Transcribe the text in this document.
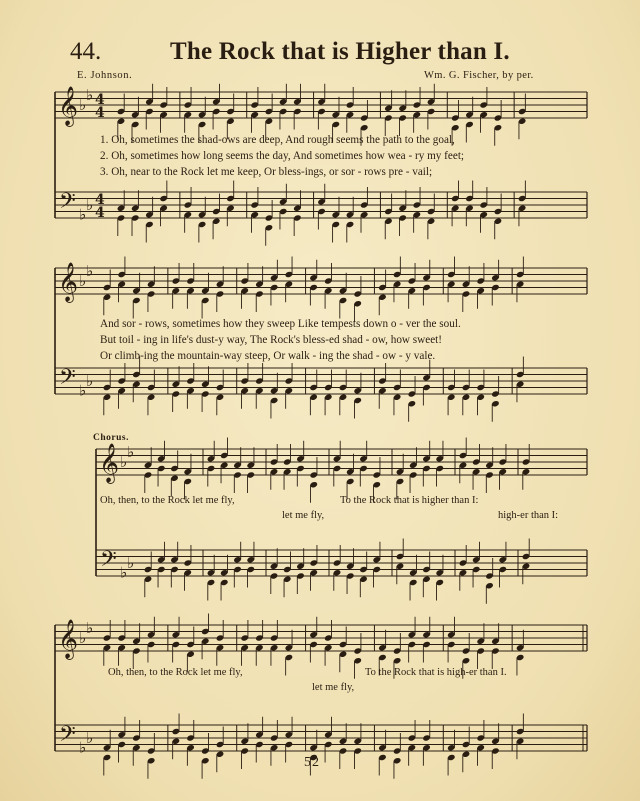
44.	The Rock that is Higher than I.
E. Johnson.	Wm. G. Fischer, by per.
𝄞
𝄢
♭
♭
♭
♭
4
4
4
4
𝄞
𝄢
♭
♭
♭
♭
𝄞
𝄢
♭
♭
♭
♭
𝄞
𝄢
♭
♭
♭
♭
1. Oh, sometimes the shad-ows are deep, And rough seems the path to the goal,
2. Oh, sometimes how long seems the day, And sometimes how wea - ry my feet;
3. Oh, near to the Rock let me keep, Or bless-ings, or sor - rows pre - vail;
And sor - rows, sometimes how they sweep Like tempests down o - ver the soul.
But toil - ing in life's dust-y way, The Rock's bless-ed shad - ow, how sweet!
Or climb-ing the mountain-way steep, Or walk - ing the shad - ow - y vale.
Chorus.
Oh, then, to the Rock let me fly,	To the Rock that is higher than I:
let me fly,	high-er than I:
Oh, then, to the Rock let me fly,	To the Rock that is high-er than I.
let me fly,
52
